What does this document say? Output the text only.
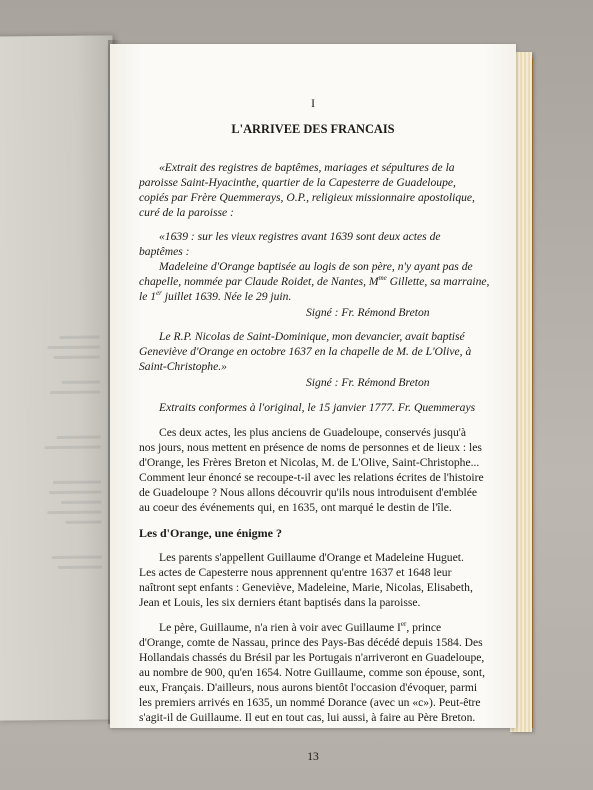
I
L'ARRIVEE DES FRANCAIS
«Extrait des registres de baptêmes, mariages et sépultures de la
paroisse Saint-Hyacinthe, quartier de la Capesterre de Guadeloupe,
copiés par Frère Quemmerays, O.P., religieux missionnaire apostolique,
curé de la paroisse :
«1639 : sur les vieux registres avant 1639 sont deux actes de
baptêmes :
Madeleine d'Orange baptisée au logis de son père, n'y ayant pas de
chapelle, nommée par Claude Roidet, de Nantes, $M^{me}$ Gillette, sa marraine,
le 1er juillet 1639. Née le 29 juin.
Signé : Fr. Rémond Breton
Le R.P. Nicolas de Saint-Dominique, mon devancier, avait baptisé
Geneviève d'Orange en octobre 1637 en la chapelle de M. de L'Olive, à
Saint-Christophe.»
Signé : Fr. Rémond Breton
Extraits conformes à l'original, le 15 janvier 1777. Fr. Quemmerays
Ces deux actes, les plus anciens de Guadeloupe, conservés jusqu'à
nos jours, nous mettent en présence de noms de personnes et de lieux : les
d'Orange, les Frères Breton et Nicolas, M. de L'Olive, Saint-Christophe...
Comment leur énoncé se recoupe-t-il avec les relations écrites de l'histoire
de Guadeloupe ? Nous allons découvrir qu'ils nous introduisent d'emblée
au coeur des événements qui, en 1635, ont marqué le destin de l'île.
Les d'Orange, une énigme ?
Les parents s'appellent Guillaume d'Orange et Madeleine Huguet.
Les actes de Capesterre nous apprennent qu'entre 1637 et 1648 leur
naîtront sept enfants : Geneviève, Madeleine, Marie, Nicolas, Elisabeth,
Jean et Louis, les six derniers étant baptisés dans la paroisse.
Le père, Guillaume, n'a rien à voir avec Guillaume Ier, prince
d'Orange, comte de Nassau, prince des Pays-Bas décédé depuis 1584. Des
Hollandais chassés du Brésil par les Portugais n'arriveront en Guadeloupe,
au nombre de 900, qu'en 1654. Notre Guillaume, comme son épouse, sont,
eux, Français. D'ailleurs, nous aurons bientôt l'occasion d'évoquer, parmi
les premiers arrivés en 1635, un nommé Dorance (avec un «c»). Peut-être
s'agit-il de Guillaume. Il eut en tout cas, lui aussi, à faire au Père Breton.
13
